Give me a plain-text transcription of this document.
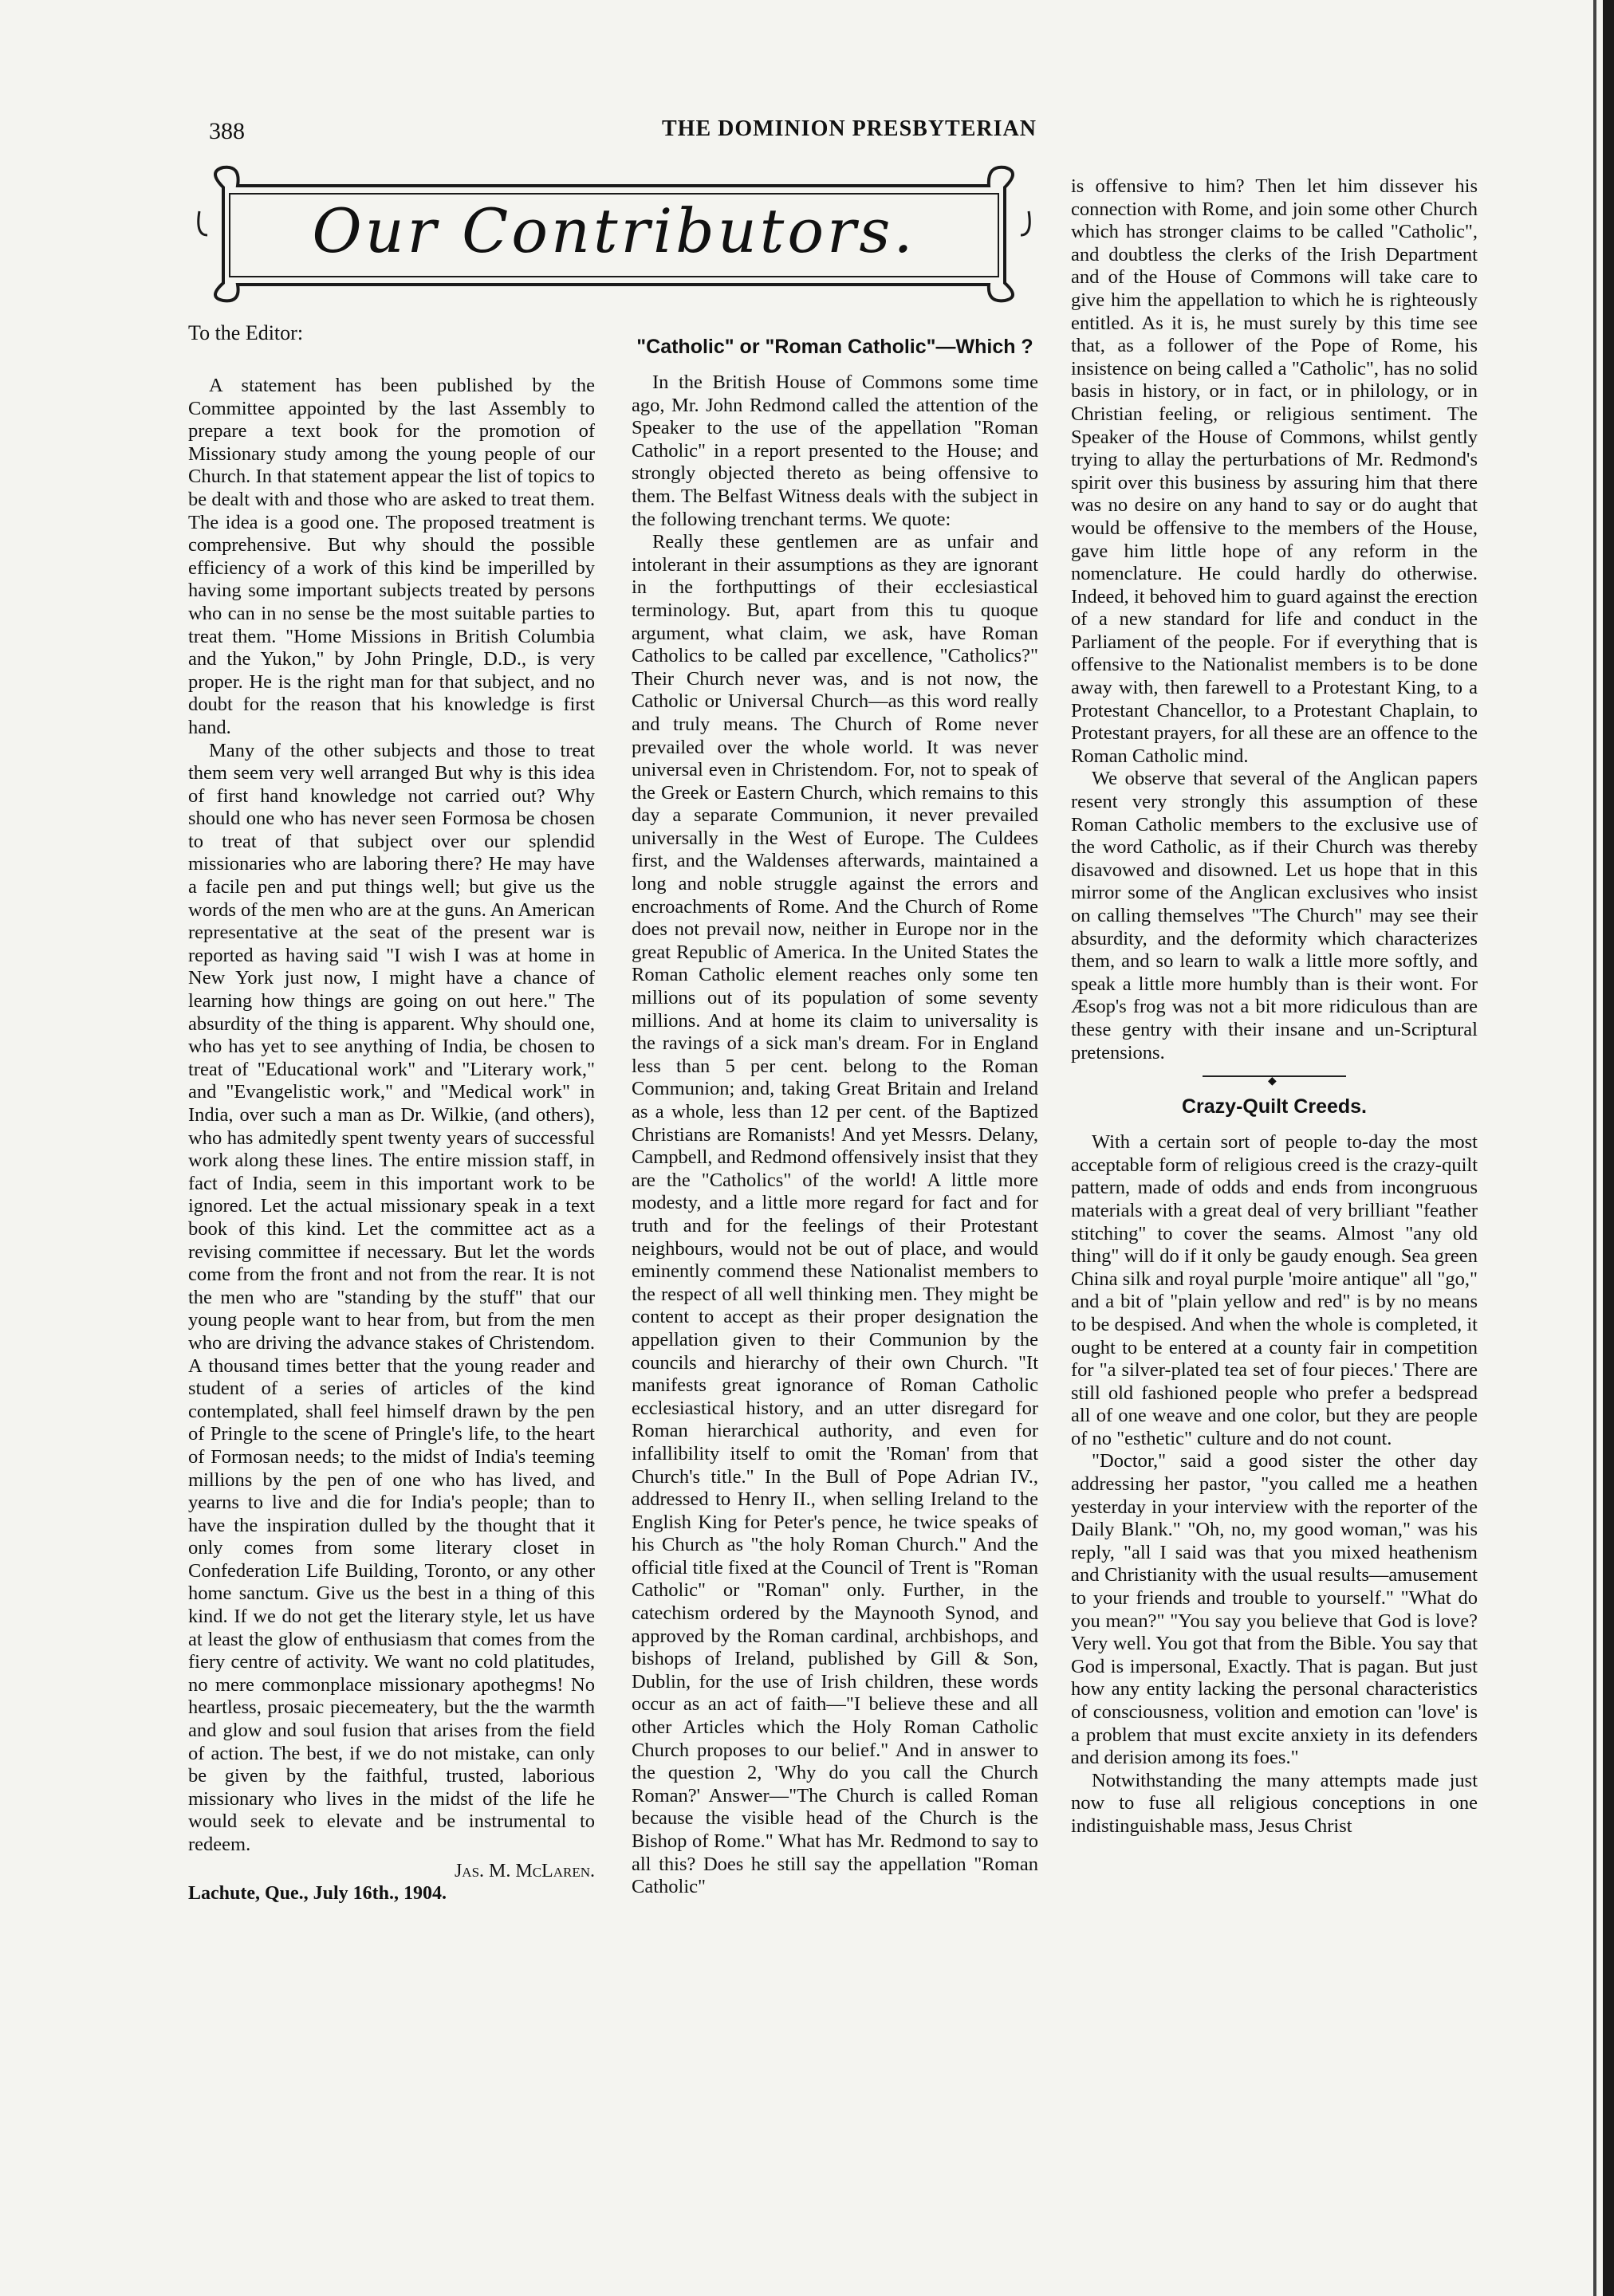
388	THE DOMINION PRESBYTERIAN
Our Contributors.
To the Editor:

A statement has been published by the Committee appointed by the last Assembly to prepare a text book for the promotion of Missionary study among the young people of our Church. In that statement appear the list of topics to be dealt with and those who are asked to treat them. The idea is a good one. The proposed treatment is comprehensive. But why should the possible efficiency of a work of this kind be imperilled by having some important subjects treated by persons who can in no sense be the most suitable parties to treat them. "Home Missions in British Columbia and the Yukon," by John Pringle, D.D., is very proper. He is the right man for that subject, and no doubt for the reason that his knowledge is first hand.

Many of the other subjects and those to treat them seem very well arranged But why is this idea of first hand knowledge not carried out? Why should one who has never seen Formosa be chosen to treat of that subject over our splendid missionaries who are laboring there? He may have a facile pen and put things well; but give us the words of the men who are at the guns. An American representative at the seat of the present war is reported as having said "I wish I was at home in New York just now, I might have a chance of learning how things are going on out here." The absurdity of the thing is apparent. Why should one, who has yet to see anything of India, be chosen to treat of "Educational work" and "Literary work," and "Evangelistic work," and "Medical work" in India, over such a man as Dr. Wilkie, (and others), who has admitedly spent twenty years of successful work along these lines. The entire mission staff, in fact of India, seem in this important work to be ignored. Let the actual missionary speak in a text book of this kind. Let the committee act as a revising committee if necessary. But let the words come from the front and not from the rear. It is not the men who are "standing by the stuff" that our young people want to hear from, but from the men who are driving the advance stakes of Christendom. A thousand times better that the young reader and student of a series of articles of the kind contemplated, shall feel himself drawn by the pen of Pringle to the scene of Pringle's life, to the heart of Formosan needs; to the midst of India's teeming millions by the pen of one who has lived, and yearns to live and die for India's people; than to have the inspiration dulled by the thought that it only comes from some literary closet in Confederation Life Building, Toronto, or any other home sanctum. Give us the best in a thing of this kind. If we do not get the literary style, let us have at least the glow of enthusiasm that comes from the fiery centre of activity. We want no cold platitudes, no mere commonplace missionary apothegms! No heartless, prosaic piecemeatery, but the the warmth and glow and soul fusion that arises from the field of action. The best, if we do not mistake, can only be given by the faithful, trusted, laborious missionary who lives in the midst of the life he would seek to elevate and be instrumental to redeem.

Jas. M. McLaren.

Lachute, Que., July 16th., 1904.

"Catholic" or "Roman Catholic"—Which ?

In the British House of Commons some time ago, Mr. John Redmond called the attention of the Speaker to the use of the appellation "Roman Catholic" in a report presented to the House; and strongly objected thereto as being offensive to them. The Belfast Witness deals with the subject in the following trenchant terms. We quote:

Really these gentlemen are as unfair and intolerant in their assumptions as they are ignorant in the forthputtings of their ecclesiastical terminology. But, apart from this tu quoque argument, what claim, we ask, have Roman Catholics to be called par excellence, "Catholics?" Their Church never was, and is not now, the Catholic or Universal Church—as this word really and truly means. The Church of Rome never prevailed over the whole world. It was never universal even in Christendom. For, not to speak of the Greek or Eastern Church, which remains to this day a separate Communion, it never prevailed universally in the West of Europe. The Culdees first, and the Waldenses afterwards, maintained a long and noble struggle against the errors and encroachments of Rome. And the Church of Rome does not prevail now, neither in Europe nor in the great Republic of America. In the United States the Roman Catholic element reaches only some ten millions out of its population of some seventy millions. And at home its claim to universality is the ravings of a sick man's dream. For in England less than 5 per cent. belong to the Roman Communion; and, taking Great Britain and Ireland as a whole, less than 12 per cent. of the Baptized Christians are Romanists! And yet Messrs. Delany, Campbell, and Redmond offensively insist that they are the "Catholics" of the world! A little more modesty, and a little more regard for fact and for truth and for the feelings of their Protestant neighbours, would not be out of place, and would eminently commend these Nationalist members to the respect of all well thinking men. They might be content to accept as their proper designation the appellation given to their Communion by the councils and hierarchy of their own Church. "It manifests great ignorance of Roman Catholic ecclesiastical history, and an utter disregard for Roman hierarchical authority, and even for infallibility itself to omit the 'Roman' from that Church's title." In the Bull of Pope Adrian IV., addressed to Henry II., when selling Ireland to the English King for Peter's pence, he twice speaks of his Church as "the holy Roman Church." And the official title fixed at the Council of Trent is "Roman Catholic" or "Roman" only. Further, in the catechism ordered by the Maynooth Synod, and approved by the Roman cardinal, archbishops, and bishops of Ireland, published by Gill & Son, Dublin, for the use of Irish children, these words occur as an act of faith—"I believe these and all other Articles which the Holy Roman Catholic Church proposes to our belief." And in answer to the question 2, 'Why do you call the Church Roman?' Answer—"The Church is called Roman because the visible head of the Church is the Bishop of Rome." What has Mr. Redmond to say to all this? Does he still say the appellation "Roman Catholic"

is offensive to him? Then let him dissever his connection with Rome, and join some other Church which has stronger claims to be called "Catholic", and doubtless the clerks of the Irish Department and of the House of Commons will take care to give him the appellation to which he is righteously entitled. As it is, he must surely by this time see that, as a follower of the Pope of Rome, his insistence on being called a "Catholic", has no solid basis in history, or in fact, or in philology, or in Christian feeling, or religious sentiment. The Speaker of the House of Commons, whilst gently trying to allay the perturbations of Mr. Redmond's spirit over this business by assuring him that there was no desire on any hand to say or do aught that would be offensive to the members of the House, gave him little hope of any reform in the nomenclature. He could hardly do otherwise. Indeed, it behoved him to guard against the erection of a new standard for life and conduct in the Parliament of the people. For if everything that is offensive to the Nationalist members is to be done away with, then farewell to a Protestant King, to a Protestant Chancellor, to a Protestant Chaplain, to Protestant prayers, for all these are an offence to the Roman Catholic mind.

We observe that several of the Anglican papers resent very strongly this assumption of these Roman Catholic members to the exclusive use of the word Catholic, as if their Church was thereby disavowed and disowned. Let us hope that in this mirror some of the Anglican exclusives who insist on calling themselves "The Church" may see their absurdity, and the deformity which characterizes them, and so learn to walk a little more softly, and speak a little more humbly than is their wont. For Æsop's frog was not a bit more ridiculous than are these gentry with their insane and un-Scriptural pretensions.

◆
Crazy-Quilt Creeds.

With a certain sort of people to-day the most acceptable form of religious creed is the crazy-quilt pattern, made of odds and ends from incongruous materials with a great deal of very brilliant "feather stitching" to cover the seams. Almost "any old thing" will do if it only be gaudy enough. Sea green China silk and royal purple 'moire antique" all "go," and a bit of "plain yellow and red" is by no means to be despised. And when the whole is completed, it ought to be entered at a county fair in competition for "a silver-plated tea set of four pieces.' There are still old fashioned people who prefer a bedspread all of one weave and one color, but they are people of no "esthetic" culture and do not count.

"Doctor," said a good sister the other day addressing her pastor, "you called me a heathen yesterday in your interview with the reporter of the Daily Blank." "Oh, no, my good woman," was his reply, "all I said was that you mixed heathenism and Christianity with the usual results—amusement to your friends and trouble to yourself." "What do you mean?" "You say you believe that God is love? Very well. You got that from the Bible. You say that God is impersonal, Exactly. That is pagan. But just how any entity lacking the personal characteristics of consciousness, volition and emotion can 'love' is a problem that must excite anxiety in its defenders and derision among its foes."

Notwithstanding the many attempts made just now to fuse all religious conceptions in one indistinguishable mass, Jesus Christ
